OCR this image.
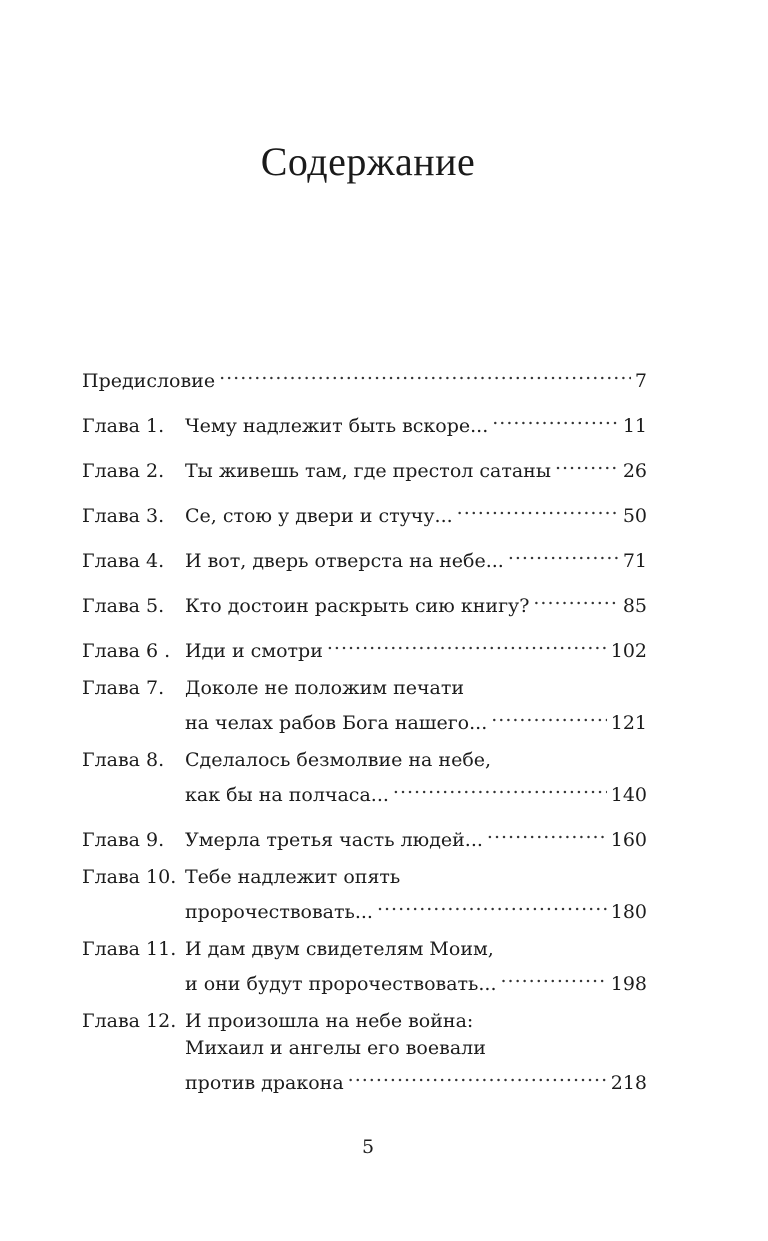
Содержание
Предисловие .....	7
Глава 1.	Чему надлежит быть вскоре... .....	11
Глава 2.	Ты живешь там, где престол сатаны .....	26
Глава 3.	Се, стою у двери и стучу... .....	50
Глава 4.	И вот, дверь отверста на небе... .....	71
Глава 5.	Кто достоин раскрыть сию книгу? .....	85
Глава 6 . Иди и смотри .....	102
Глава 7.	Доколе не положим печати
на челах рабов Бога нашего... .....	121
Глава 8.	Сделалось безмолвие на небе,
как бы на полчаса... .....	140
Глава 9.	Умерла третья часть людей... .....	160
Глава 10. Тебе надлежит опять
пророчествовать... .....	180
Глава 11. И дам двум свидетелям Моим,
и они будут пророчествовать... .....	198
Глава 12. И произошла на небе война:
Михаил и ангелы его воевали
против дракона .....	218
5
